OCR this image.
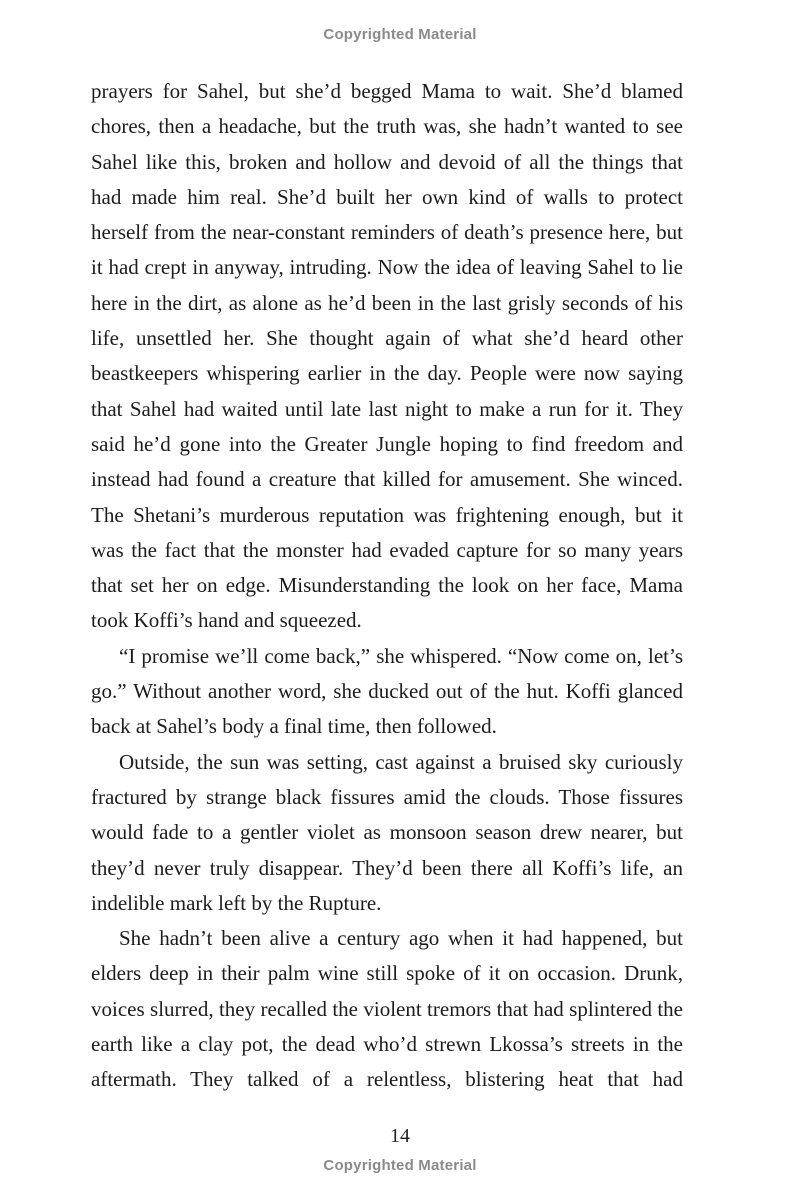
Copyrighted Material

prayers for Sahel, but she’d begged Mama to wait. She’d blamed chores, then a headache, but the truth was, she hadn’t wanted to see Sahel like this, broken and hollow and devoid of all the things that had made him real. She’d built her own kind of walls to protect herself from the near-constant reminders of death’s presence here, but it had crept in anyway, intruding. Now the idea of leaving Sahel to lie here in the dirt, as alone as he’d been in the last grisly seconds of his life, unsettled her. She thought again of what she’d heard other beastkeepers whispering earlier in the day. People were now saying that Sahel had waited until late last night to make a run for it. They said he’d gone into the Greater Jungle hoping to find freedom and instead had found a creature that killed for amusement. She winced. The Shetani’s murderous reputation was frightening enough, but it was the fact that the monster had evaded capture for so many years that set her on edge. Misunderstanding the look on her face, Mama took Koffi’s hand and squeezed.

“I promise we’ll come back,” she whispered. “Now come on, let’s go.” Without another word, she ducked out of the hut. Koffi glanced back at Sahel’s body a final time, then followed.

Outside, the sun was setting, cast against a bruised sky curiously fractured by strange black fissures amid the clouds. Those fissures would fade to a gentler violet as monsoon season drew nearer, but they’d never truly disappear. They’d been there all Koffi’s life, an indelible mark left by the Rupture.

She hadn’t been alive a century ago when it had happened, but elders deep in their palm wine still spoke of it on occasion. Drunk, voices slurred, they recalled the violent tremors that had splintered the earth like a clay pot, the dead who’d strewn Lkossa’s streets in the aftermath. They talked of a relentless, blistering heat that had

14
Copyrighted Material
